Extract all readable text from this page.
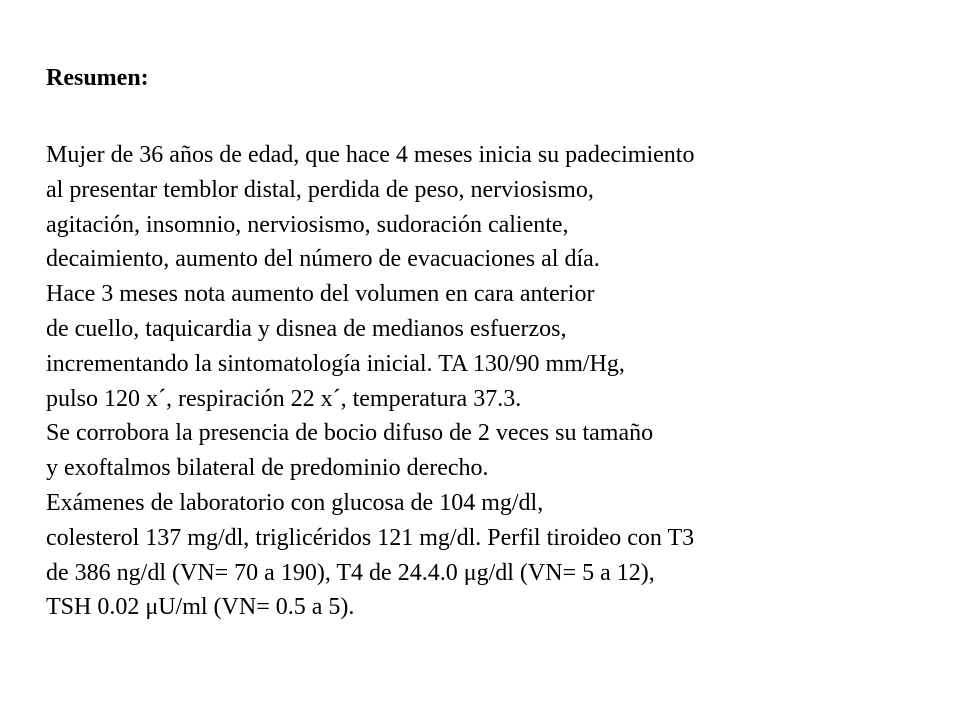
Resumen:
Mujer de 36 años de edad, que hace 4 meses inicia su padecimiento
al presentar temblor distal, perdida de peso, nerviosismo,
agitación, insomnio, nerviosismo, sudoración caliente,
decaimiento, aumento del número de evacuaciones al día.
Hace 3 meses nota aumento del volumen en cara anterior
de cuello, taquicardia y disnea de medianos esfuerzos,
incrementando la sintomatología inicial. TA 130/90 mm/Hg,
pulso 120 x´, respiración 22 x´, temperatura 37.3.
Se corrobora la presencia de bocio difuso de 2 veces su tamaño
y exoftalmos bilateral de predominio derecho.
Exámenes de laboratorio con glucosa de 104 mg/dl,
colesterol 137 mg/dl, triglicéridos 121 mg/dl. Perfil tiroideo con T3
de 386 ng/dl (VN= 70 a 190), T4 de 24.4.0 μg/dl (VN= 5 a 12),
TSH 0.02 μU/ml (VN= 0.5 a 5).
